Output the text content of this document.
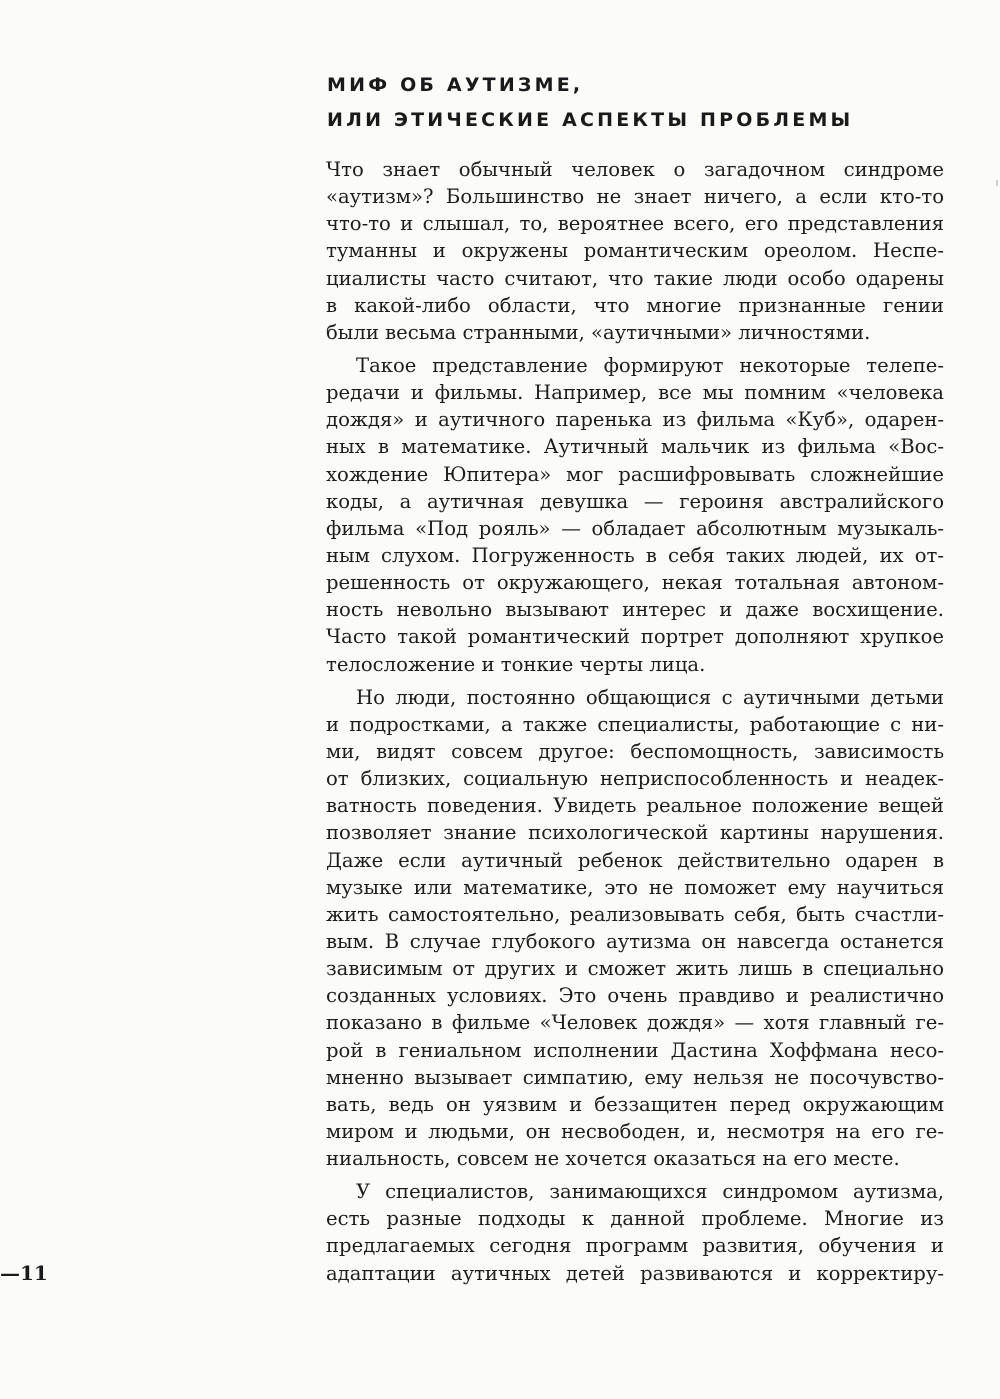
МИФ ОБ АУТИЗМЕ,
ИЛИ ЭТИЧЕСКИЕ АСПЕКТЫ ПРОБЛЕМЫ
Что знает обычный человек о загадочном синдроме
«аутизм»? Большинство не знает ничего, а если кто-то
что-то и слышал, то, вероятнее всего, его представления
туманны и окружены романтическим ореолом. Неспе-
циалисты часто считают, что такие люди особо одарены
в какой-либо области, что многие признанные гении
были весьма странными, «аутичными» личностями.
Такое представление формируют некоторые телепе-
редачи и фильмы. Например, все мы помним «человека
дождя» и аутичного паренька из фильма «Куб», одарен-
ных в математике. Аутичный мальчик из фильма «Вос-
хождение Юпитера» мог расшифровывать сложнейшие
коды, а аутичная девушка — героиня австралийского
фильма «Под рояль» — обладает абсолютным музыкаль-
ным слухом. Погруженность в себя таких людей, их от-
решенность от окружающего, некая тотальная автоном-
ность невольно вызывают интерес и даже восхищение.
Часто такой романтический портрет дополняют хрупкое
телосложение и тонкие черты лица.
Но люди, постоянно общающися с аутичными детьми
и подростками, а также специалисты, работающие с ни-
ми, видят совсем другое: беспомощность, зависимость
от близких, социальную неприспособленность и неадек-
ватность поведения. Увидеть реальное положение вещей
позволяет знание психологической картины нарушения.
Даже если аутичный ребенок действительно одарен в
музыке или математике, это не поможет ему научиться
жить самостоятельно, реализовывать себя, быть счастли-
вым. В случае глубокого аутизма он навсегда останется
зависимым от других и сможет жить лишь в специально
созданных условиях. Это очень правдиво и реалистично
показано в фильме «Человек дождя» — хотя главный ге-
рой в гениальном исполнении Дастина Хоффмана несо-
мненно вызывает симпатию, ему нельзя не посочувство-
вать, ведь он уязвим и беззащитен перед окружающим
миром и людьми, он несвободен, и, несмотря на его ге-
ниальность, совсем не хочется оказаться на его месте.
У специалистов, занимающихся синдромом аутизма,
есть разные подходы к данной проблеме. Многие из
предлагаемых сегодня программ развития, обучения и
адаптации аутичных детей развиваются и корректиру-
—11
